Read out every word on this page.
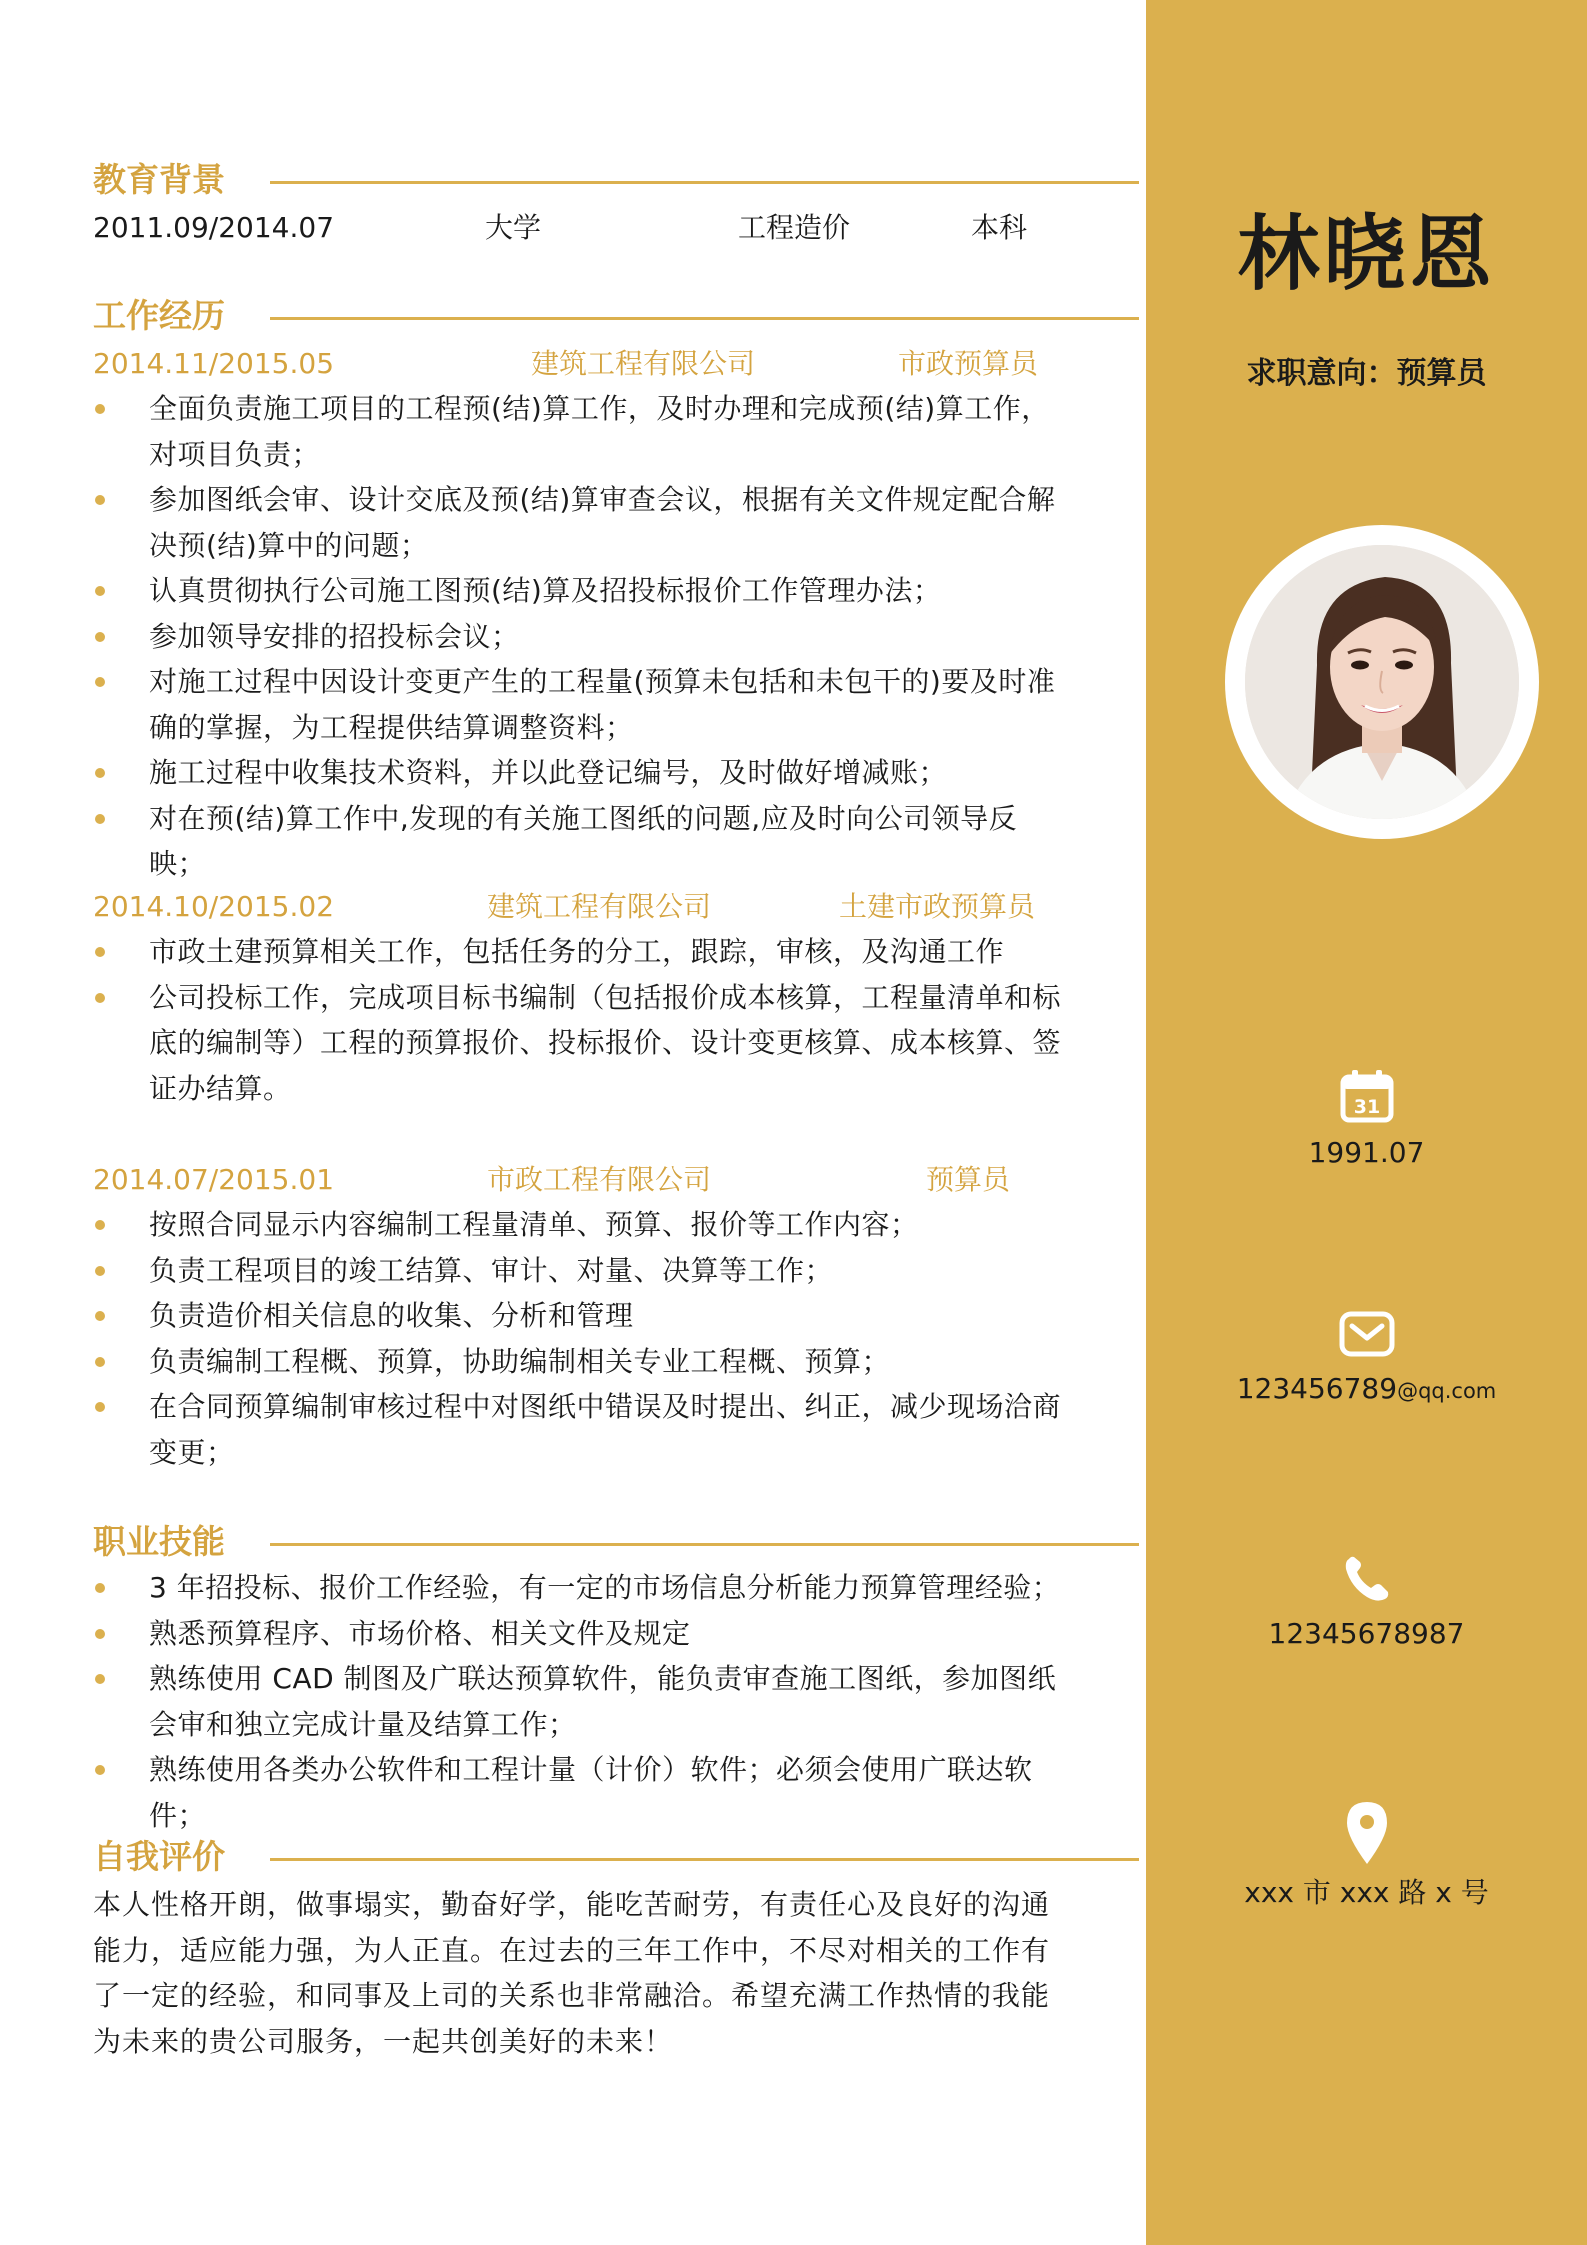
教育背景
2011.09/2014.07	大学	工程造价	本科
工作经历
2014.11/2015.05	建筑工程有限公司	市政预算员
全面负责施工项目的工程预(结)算工作，及时办理和完成预(结)算工作，对项目负责；
参加图纸会审、设计交底及预(结)算审查会议，根据有关文件规定配合解决预(结)算中的问题；
认真贯彻执行公司施工图预(结)算及招投标报价工作管理办法；
参加领导安排的招投标会议；
对施工过程中因设计变更产生的工程量(预算未包括和未包干的)要及时准确的掌握，为工程提供结算调整资料；
施工过程中收集技术资料，并以此登记编号，及时做好增减账；
对在预(结)算工作中,发现的有关施工图纸的问题,应及时向公司领导反映；
2014.10/2015.02	建筑工程有限公司	土建市政预算员
市政土建预算相关工作，包括任务的分工，跟踪，审核，及沟通工作
公司投标工作，完成项目标书编制（包括报价成本核算，工程量清单和标底的编制等）工程的预算报价、投标报价、设计变更核算、成本核算、签证办结算。
2014.07/2015.01	市政工程有限公司	预算员
按照合同显示内容编制工程量清单、预算、报价等工作内容；
负责工程项目的竣工结算、审计、对量、决算等工作；
负责造价相关信息的收集、分析和管理
负责编制工程概、预算，协助编制相关专业工程概、预算；
在合同预算编制审核过程中对图纸中错误及时提出、纠正，减少现场洽商变更；
职业技能
3 年招投标、报价工作经验，有一定的市场信息分析能力预算管理经验；
熟悉预算程序、市场价格、相关文件及规定
熟练使用 CAD 制图及广联达预算软件，能负责审查施工图纸，参加图纸会审和独立完成计量及结算工作；
熟练使用各类办公软件和工程计量（计价）软件；必须会使用广联达软件；
自我评价
本人性格开朗，做事塌实，勤奋好学，能吃苦耐劳，有责任心及良好的沟通能力，适应能力强，为人正直。在过去的三年工作中，不尽对相关的工作有了一定的经验，和同事及上司的关系也非常融洽。希望充满工作热情的我能为未来的贵公司服务，一起共创美好的未来！
林晓恩
求职意向：预算员
31
1991.07
123456789@qq.com
12345678987
xxx 市 xxx 路 x 号
